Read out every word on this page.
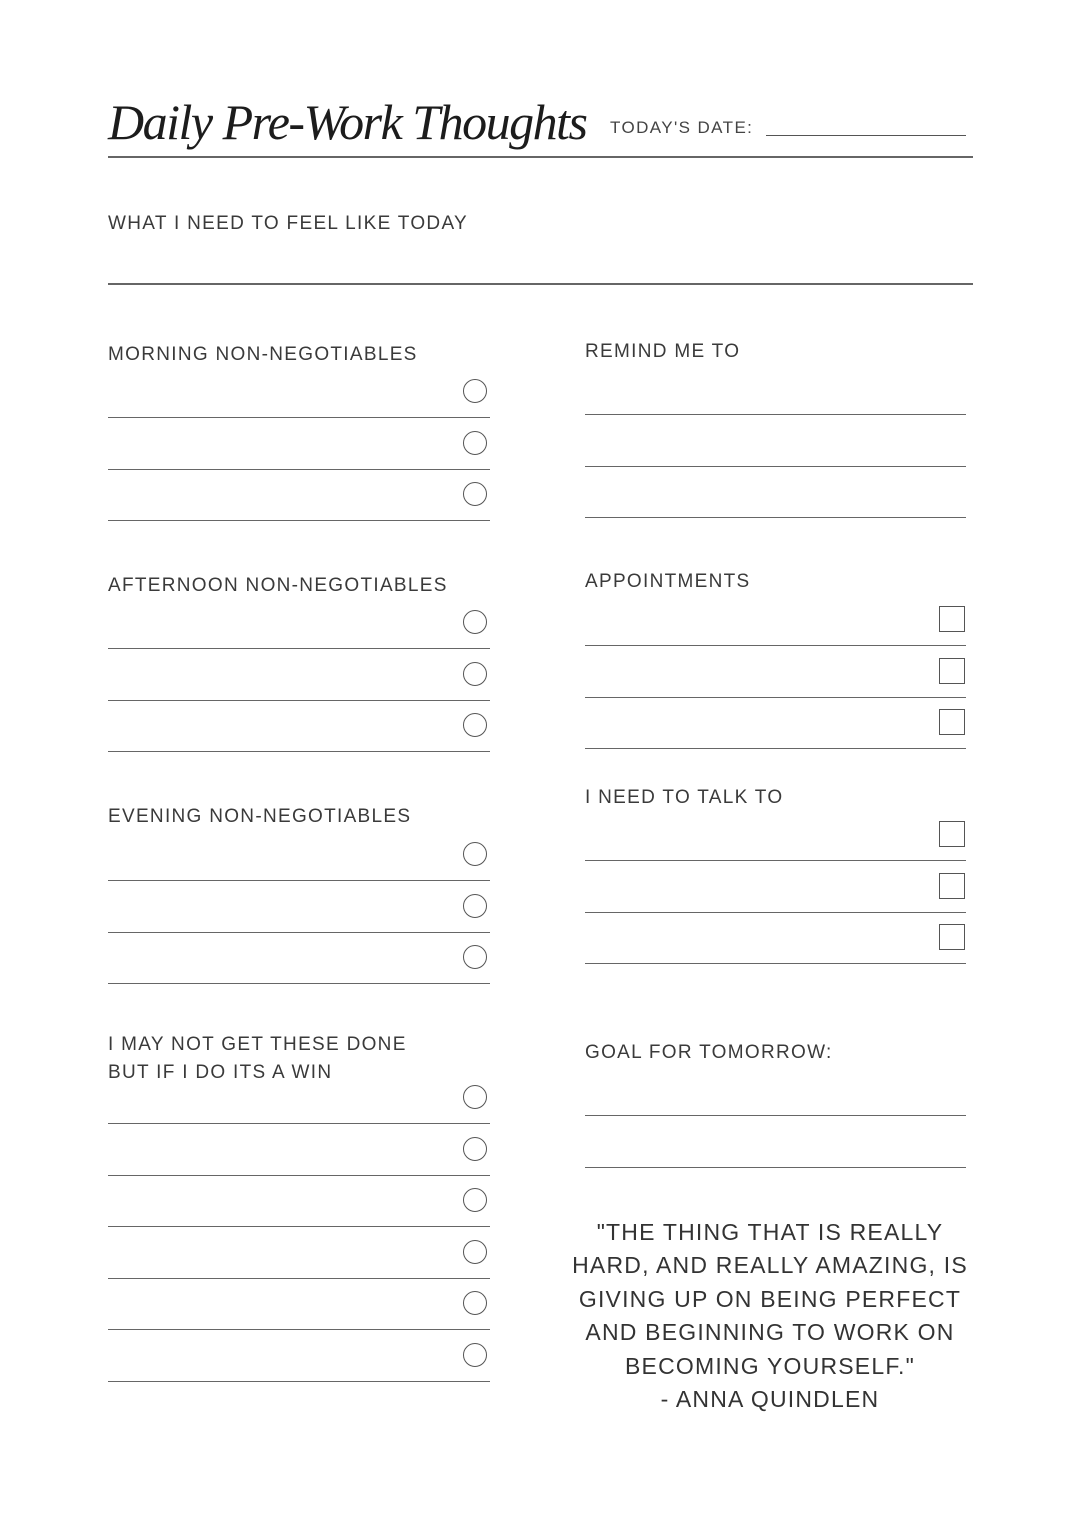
Daily Pre-Work Thoughts TODAY'S DATE:
WHAT I NEED TO FEEL LIKE TODAY
MORNING NON-NEGOTIABLES
AFTERNOON NON-NEGOTIABLES
EVENING NON-NEGOTIABLES
I MAY NOT GET THESE DONE
BUT IF I DO ITS A WIN
REMIND ME TO
APPOINTMENTS
I NEED TO TALK TO
GOAL FOR TOMORROW:
"THE THING THAT IS REALLY
HARD, AND REALLY AMAZING, IS
GIVING UP ON BEING PERFECT
AND BEGINNING TO WORK ON
BECOMING YOURSELF."
- ANNA QUINDLEN
